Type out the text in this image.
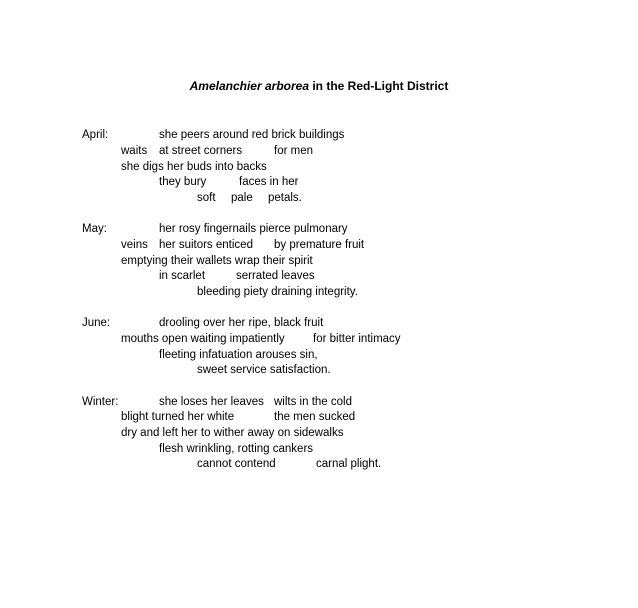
Amelanchier arborea in the Red-Light District
April:	she peers around red brick buildings
waits at street corners	for men
she digs her buds into backs
they bury	faces in her
soft pale petals.
May:	her rosy fingernails pierce pulmonary
veins her suitors enticed by premature fruit
emptying their wallets wrap their spirit
in scarlet	serrated leaves
bleeding piety draining integrity.
June:	drooling over her ripe, black fruit
mouths open waiting impatiently for bitter intimacy
fleeting infatuation arouses sin,
sweet service satisfaction.
Winter:	she loses her leaves wilts in the cold
blight turned her white	the men sucked
dry and left her to wither away on sidewalks
flesh wrinkling, rotting cankers
cannot contend	carnal plight.
